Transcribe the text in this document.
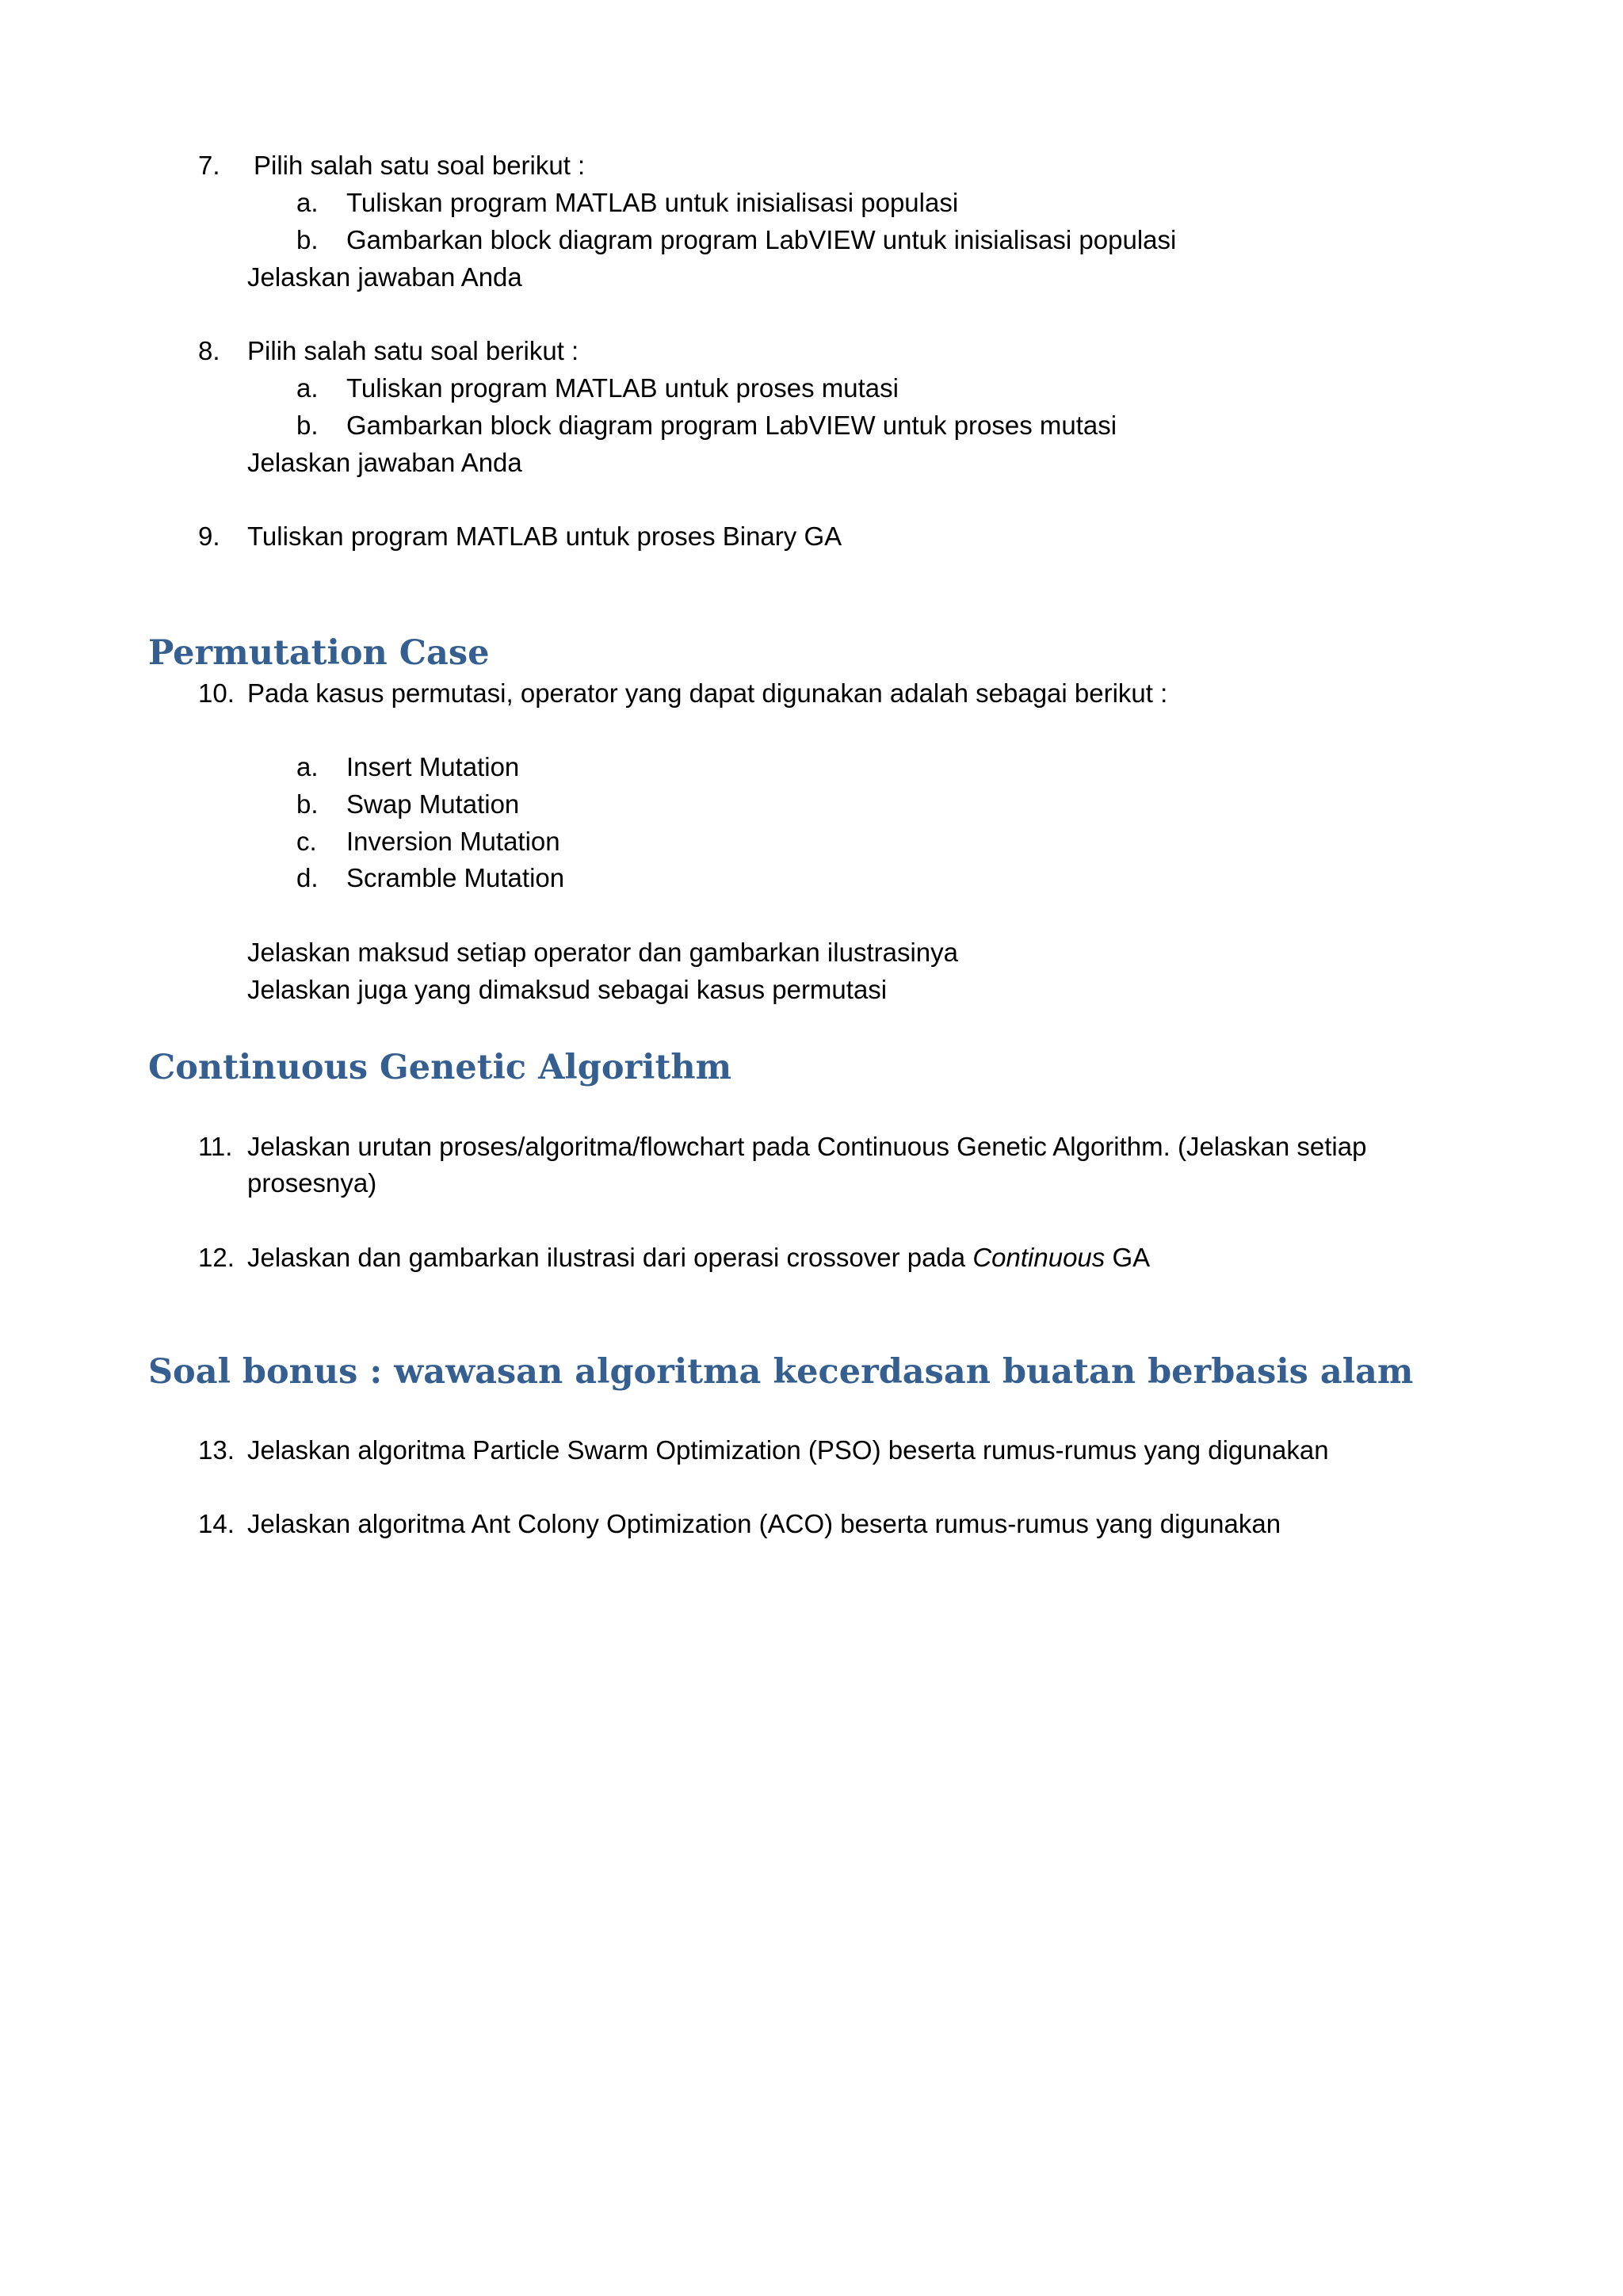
7. Pilih salah satu soal berikut :
a. Tuliskan program MATLAB untuk inisialisasi populasi
b. Gambarkan block diagram program LabVIEW untuk inisialisasi populasi
Jelaskan jawaban Anda
8. Pilih salah satu soal berikut :
a. Tuliskan program MATLAB untuk proses mutasi
b. Gambarkan block diagram program LabVIEW untuk proses mutasi
Jelaskan jawaban Anda
9. Tuliskan program MATLAB untuk proses Binary GA
Permutation Case
10. Pada kasus permutasi, operator yang dapat digunakan adalah sebagai berikut :
a. Insert Mutation
b. Swap Mutation
c. Inversion Mutation
d. Scramble Mutation
Jelaskan maksud setiap operator dan gambarkan ilustrasinya
Jelaskan juga yang dimaksud sebagai kasus permutasi
Continuous Genetic Algorithm
11. Jelaskan urutan proses/algoritma/flowchart pada Continuous Genetic Algorithm. (Jelaskan setiap
prosesnya)
12. Jelaskan dan gambarkan ilustrasi dari operasi crossover pada Continuous GA
Soal bonus : wawasan algoritma kecerdasan buatan berbasis alam
13. Jelaskan algoritma Particle Swarm Optimization (PSO) beserta rumus-rumus yang digunakan
14. Jelaskan algoritma Ant Colony Optimization (ACO) beserta rumus-rumus yang digunakan
